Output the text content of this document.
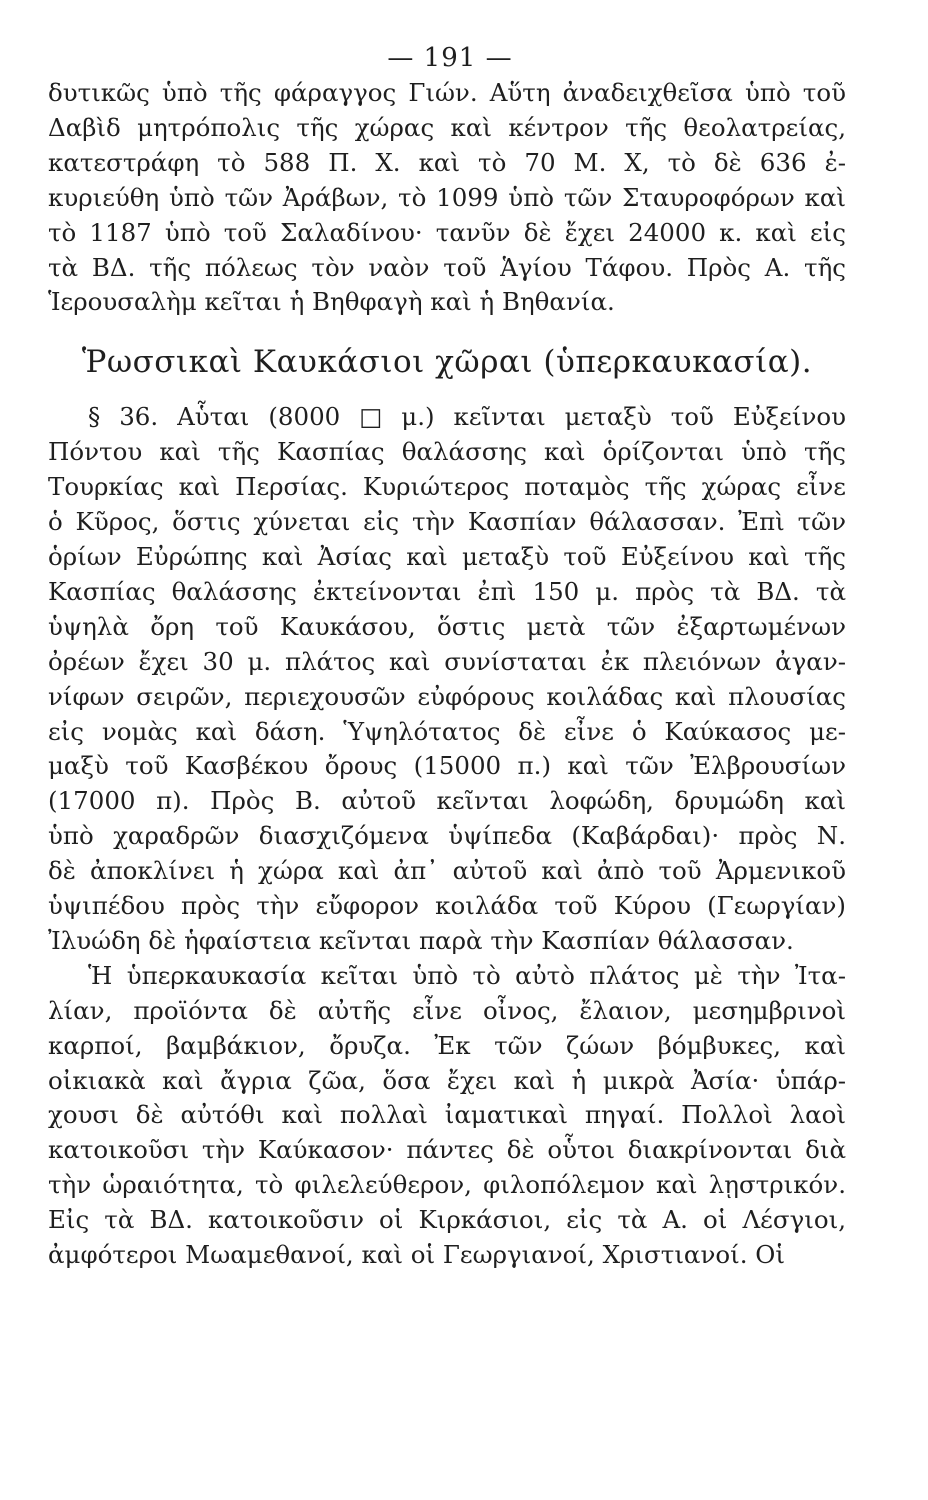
— 191 —
δυτικῶς ὑπὸ τῆς φάραγγος Γιών. Αὕτη ἀναδειχθεῖσα ὑπὸ τοῦ
Δαβὶδ μητρόπολις τῆς χώρας καὶ κέντρον τῆς θεολατρείας,
κατεστράφη τὸ 588 Π. Χ. καὶ τὸ 70 Μ. Χ, τὸ δὲ 636 ἐ-
κυριεύθη ὑπὸ τῶν Ἀράβων, τὸ 1099 ὑπὸ τῶν Σταυροφόρων καὶ
τὸ 1187 ὑπὸ τοῦ Σαλαδίνου· τανῦν δὲ ἔχει 24000 κ. καὶ εἰς
τὰ ΒΔ. τῆς πόλεως τὸν ναὸν τοῦ Ἁγίου Τάφου. Πρὸς Α. τῆς
Ἱερουσαλὴμ κεῖται ἡ Βηθφαγὴ καὶ ἡ Βηθανία.
Ῥωσσικαὶ Καυκάσιοι χῶραι (ὑπερκαυκασία).
§ 36. Αὗται (8000 □ μ.) κεῖνται μεταξὺ τοῦ Εὐξείνου
Πόντου καὶ τῆς Κασπίας θαλάσσης καὶ ὁρίζονται ὑπὸ τῆς
Τουρκίας καὶ Περσίας. Κυριώτερος ποταμὸς τῆς χώρας εἶνε
ὁ Κῦρος, ὅστις χύνεται εἰς τὴν Κασπίαν θάλασσαν. Ἐπὶ τῶν
ὁρίων Εὐρώπης καὶ Ἀσίας καὶ μεταξὺ τοῦ Εὐξείνου καὶ τῆς
Κασπίας θαλάσσης ἐκτείνονται ἐπὶ 150 μ. πρὸς τὰ ΒΔ. τὰ
ὑψηλὰ ὄρη τοῦ Καυκάσου, ὅστις μετὰ τῶν ἐξαρτωμένων
ὀρέων ἔχει 30 μ. πλάτος καὶ συνίσταται ἐκ πλειόνων ἀγαν-
νίφων σειρῶν, περιεχουσῶν εὐφόρους κοιλάδας καὶ πλουσίας
εἰς νομὰς καὶ δάση. Ὑψηλότατος δὲ εἶνε ὁ Καύκασος με-
μαξὺ τοῦ Κασβέκου ὄρους (15000 π.) καὶ τῶν Ἐλβρουσίων
(17000 π). Πρὸς Β. αὐτοῦ κεῖνται λοφώδη, δρυμώδη καὶ
ὑπὸ χαραδρῶν διασχιζόμενα ὑψίπεδα (Καβάρδαι)· πρὸς Ν.
δὲ ἀποκλίνει ἡ χώρα καὶ ἀπ᾽ αὐτοῦ καὶ ἀπὸ τοῦ Ἀρμενικοῦ
ὑψιπέδου πρὸς τὴν εὔφορον κοιλάδα τοῦ Κύρου (Γεωργίαν)
Ἰλυώδη δὲ ἡφαίστεια κεῖνται παρὰ τὴν Κασπίαν θάλασσαν.
Ἡ ὑπερκαυκασία κεῖται ὑπὸ τὸ αὐτὸ πλάτος μὲ τὴν Ἰτα-
λίαν, προϊόντα δὲ αὐτῆς εἶνε οἶνος, ἔλαιον, μεσημβρινοὶ
καρποί, βαμβάκιον, ὄρυζα. Ἐκ τῶν ζώων βόμβυκες, καὶ
οἰκιακὰ καὶ ἄγρια ζῶα, ὅσα ἔχει καὶ ἡ μικρὰ Ἀσία· ὑπάρ-
χουσι δὲ αὐτόθι καὶ πολλαὶ ἰαματικαὶ πηγαί. Πολλοὶ λαοὶ
κατοικοῦσι τὴν Καύκασον· πάντες δὲ οὗτοι διακρίνονται διὰ
τὴν ὡραιότητα, τὸ φιλελεύθερον, φιλοπόλεμον καὶ λῃστρικόν.
Εἰς τὰ ΒΔ. κατοικοῦσιν οἱ Κιρκάσιοι, εἰς τὰ Α. οἱ Λέσγιοι,
ἀμφότεροι Μωαμεθανοί, καὶ οἱ Γεωργιανοί, Χριστιανοί. Οἱ
